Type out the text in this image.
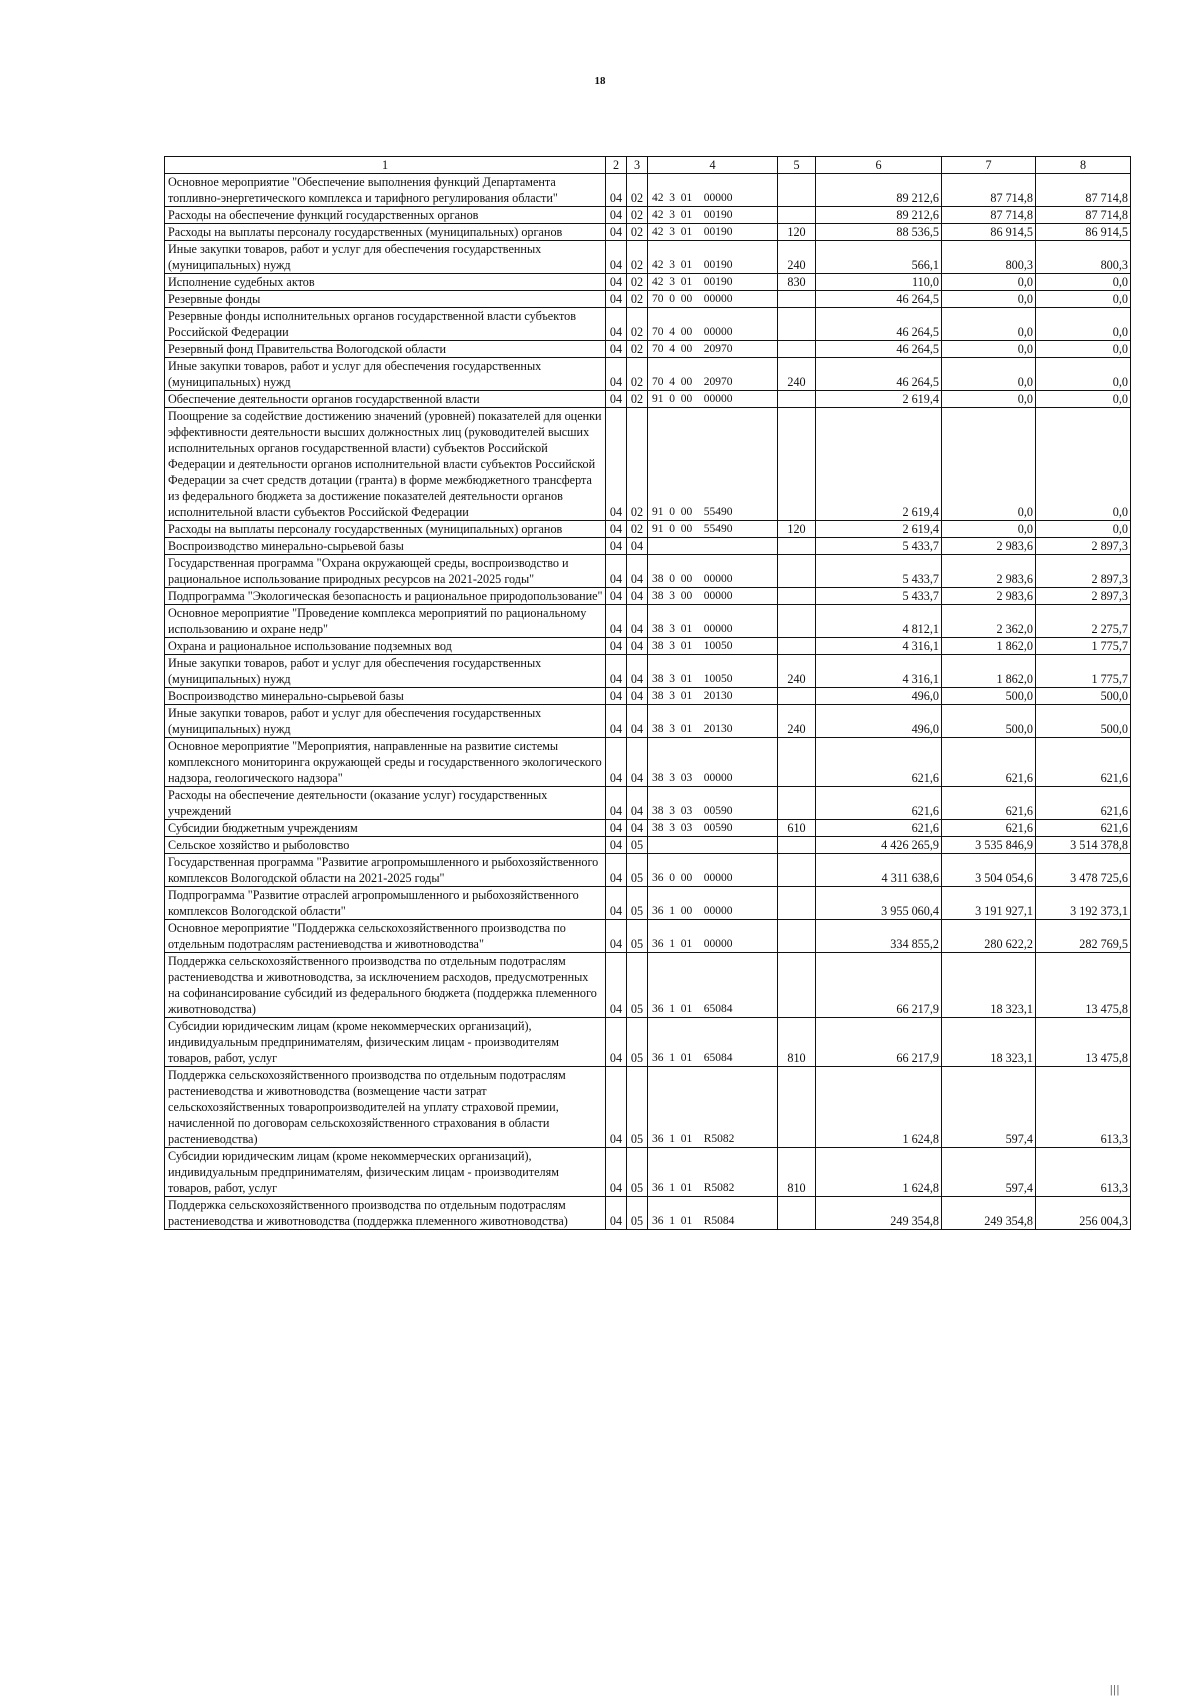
18
1	2	3	4	5	6	7	8
Основное мероприятие "Обеспечение выполнения функций Департамента топливно-энергетического комплекса и тарифного регулирования области"	04	02	42  3  01    00000		89 212,6	87 714,8	87 714,8
Расходы на обеспечение функций государственных органов	04	02	42  3  01    00190		89 212,6	87 714,8	87 714,8
Расходы на выплаты персоналу государственных (муниципальных) органов	04	02	42  3  01    00190	120	88 536,5	86 914,5	86 914,5
Иные закупки товаров, работ и услуг для обеспечения государственных (муниципальных) нужд	04	02	42  3  01    00190	240	566,1	800,3	800,3
Исполнение судебных актов	04	02	42  3  01    00190	830	110,0	0,0	0,0
Резервные фонды	04	02	70  0  00    00000		46 264,5	0,0	0,0
Резервные фонды исполнительных органов государственной власти субъектов Российской Федерации	04	02	70  4  00    00000		46 264,5	0,0	0,0
Резервный фонд Правительства Вологодской области	04	02	70  4  00    20970		46 264,5	0,0	0,0
Иные закупки товаров, работ и услуг для обеспечения государственных (муниципальных) нужд	04	02	70  4  00    20970	240	46 264,5	0,0	0,0
Обеспечение деятельности органов государственной власти	04	02	91  0  00    00000		2 619,4	0,0	0,0
Поощрение за содействие достижению значений (уровней) показателей для оценки эффективности деятельности высших должностных лиц (руководителей высших исполнительных органов государственной власти) субъектов Российской Федерации и деятельности органов исполнительной власти субъектов Российской Федерации за счет средств дотации (гранта) в форме межбюджетного трансферта из федерального бюджета за достижение показателей деятельности органов исполнительной власти субъектов Российской Федерации	04	02	91  0  00    55490		2 619,4	0,0	0,0
Расходы на выплаты персоналу государственных (муниципальных) органов	04	02	91  0  00    55490	120	2 619,4	0,0	0,0
Воспроизводство минерально-сырьевой базы	04	04			5 433,7	2 983,6	2 897,3
Государственная программа "Охрана окружающей среды, воспроизводство и рациональное использование природных ресурсов на 2021-2025 годы"	04	04	38  0  00    00000		5 433,7	2 983,6	2 897,3
Подпрограмма "Экологическая безопасность и рациональное природопользование"	04	04	38  3  00    00000		5 433,7	2 983,6	2 897,3
Основное мероприятие "Проведение комплекса мероприятий по рациональному использованию и охране недр"	04	04	38  3  01    00000		4 812,1	2 362,0	2 275,7
Охрана и рациональное использование подземных вод	04	04	38  3  01    10050		4 316,1	1 862,0	1 775,7
Иные закупки товаров, работ и услуг для обеспечения государственных (муниципальных) нужд	04	04	38  3  01    10050	240	4 316,1	1 862,0	1 775,7
Воспроизводство минерально-сырьевой базы	04	04	38  3  01    20130		496,0	500,0	500,0
Иные закупки товаров, работ и услуг для обеспечения государственных (муниципальных) нужд	04	04	38  3  01    20130	240	496,0	500,0	500,0
Основное мероприятие "Мероприятия, направленные на развитие системы комплексного мониторинга окружающей среды и государственного экологического надзора, геологического надзора"	04	04	38  3  03    00000		621,6	621,6	621,6
Расходы на обеспечение деятельности (оказание услуг) государственных учреждений	04	04	38  3  03    00590		621,6	621,6	621,6
Субсидии бюджетным учреждениям	04	04	38  3  03    00590	610	621,6	621,6	621,6
Сельское хозяйство и рыболовство	04	05			4 426 265,9	3 535 846,9	3 514 378,8
Государственная программа "Развитие агропромышленного и рыбохозяйственного комплексов Вологодской области на 2021-2025 годы"	04	05	36  0  00    00000		4 311 638,6	3 504 054,6	3 478 725,6
Подпрограмма "Развитие отраслей агропромышленного и рыбохозяйственного комплексов Вологодской области"	04	05	36  1  00    00000		3 955 060,4	3 191 927,1	3 192 373,1
Основное мероприятие "Поддержка сельскохозяйственного производства по отдельным подотраслям растениеводства и животноводства"	04	05	36  1  01    00000		334 855,2	280 622,2	282 769,5
Поддержка сельскохозяйственного производства по отдельным подотраслям растениеводства и животноводства, за исключением расходов, предусмотренных на софинансирование субсидий из федерального бюджета (поддержка племенного животноводства)	04	05	36  1  01    65084		66 217,9	18 323,1	13 475,8
Субсидии юридическим лицам (кроме некоммерческих организаций), индивидуальным предпринимателям, физическим лицам - производителям товаров, работ, услуг	04	05	36  1  01    65084	810	66 217,9	18 323,1	13 475,8
Поддержка сельскохозяйственного производства по отдельным подотраслям растениеводства и животноводства (возмещение части затрат сельскохозяйственных товаропроизводителей на уплату страховой премии, начисленной по договорам сельскохозяйственного страхования в области растениеводства)	04	05	36  1  01    R5082		1 624,8	597,4	613,3
Субсидии юридическим лицам (кроме некоммерческих организаций), индивидуальным предпринимателям, физическим лицам - производителям товаров, работ, услуг	04	05	36  1  01    R5082	810	1 624,8	597,4	613,3
Поддержка сельскохозяйственного производства по отдельным подотраслям растениеводства и животноводства (поддержка племенного животноводства)	04	05	36  1  01    R5084		249 354,8	249 354,8	256 004,3
|||
